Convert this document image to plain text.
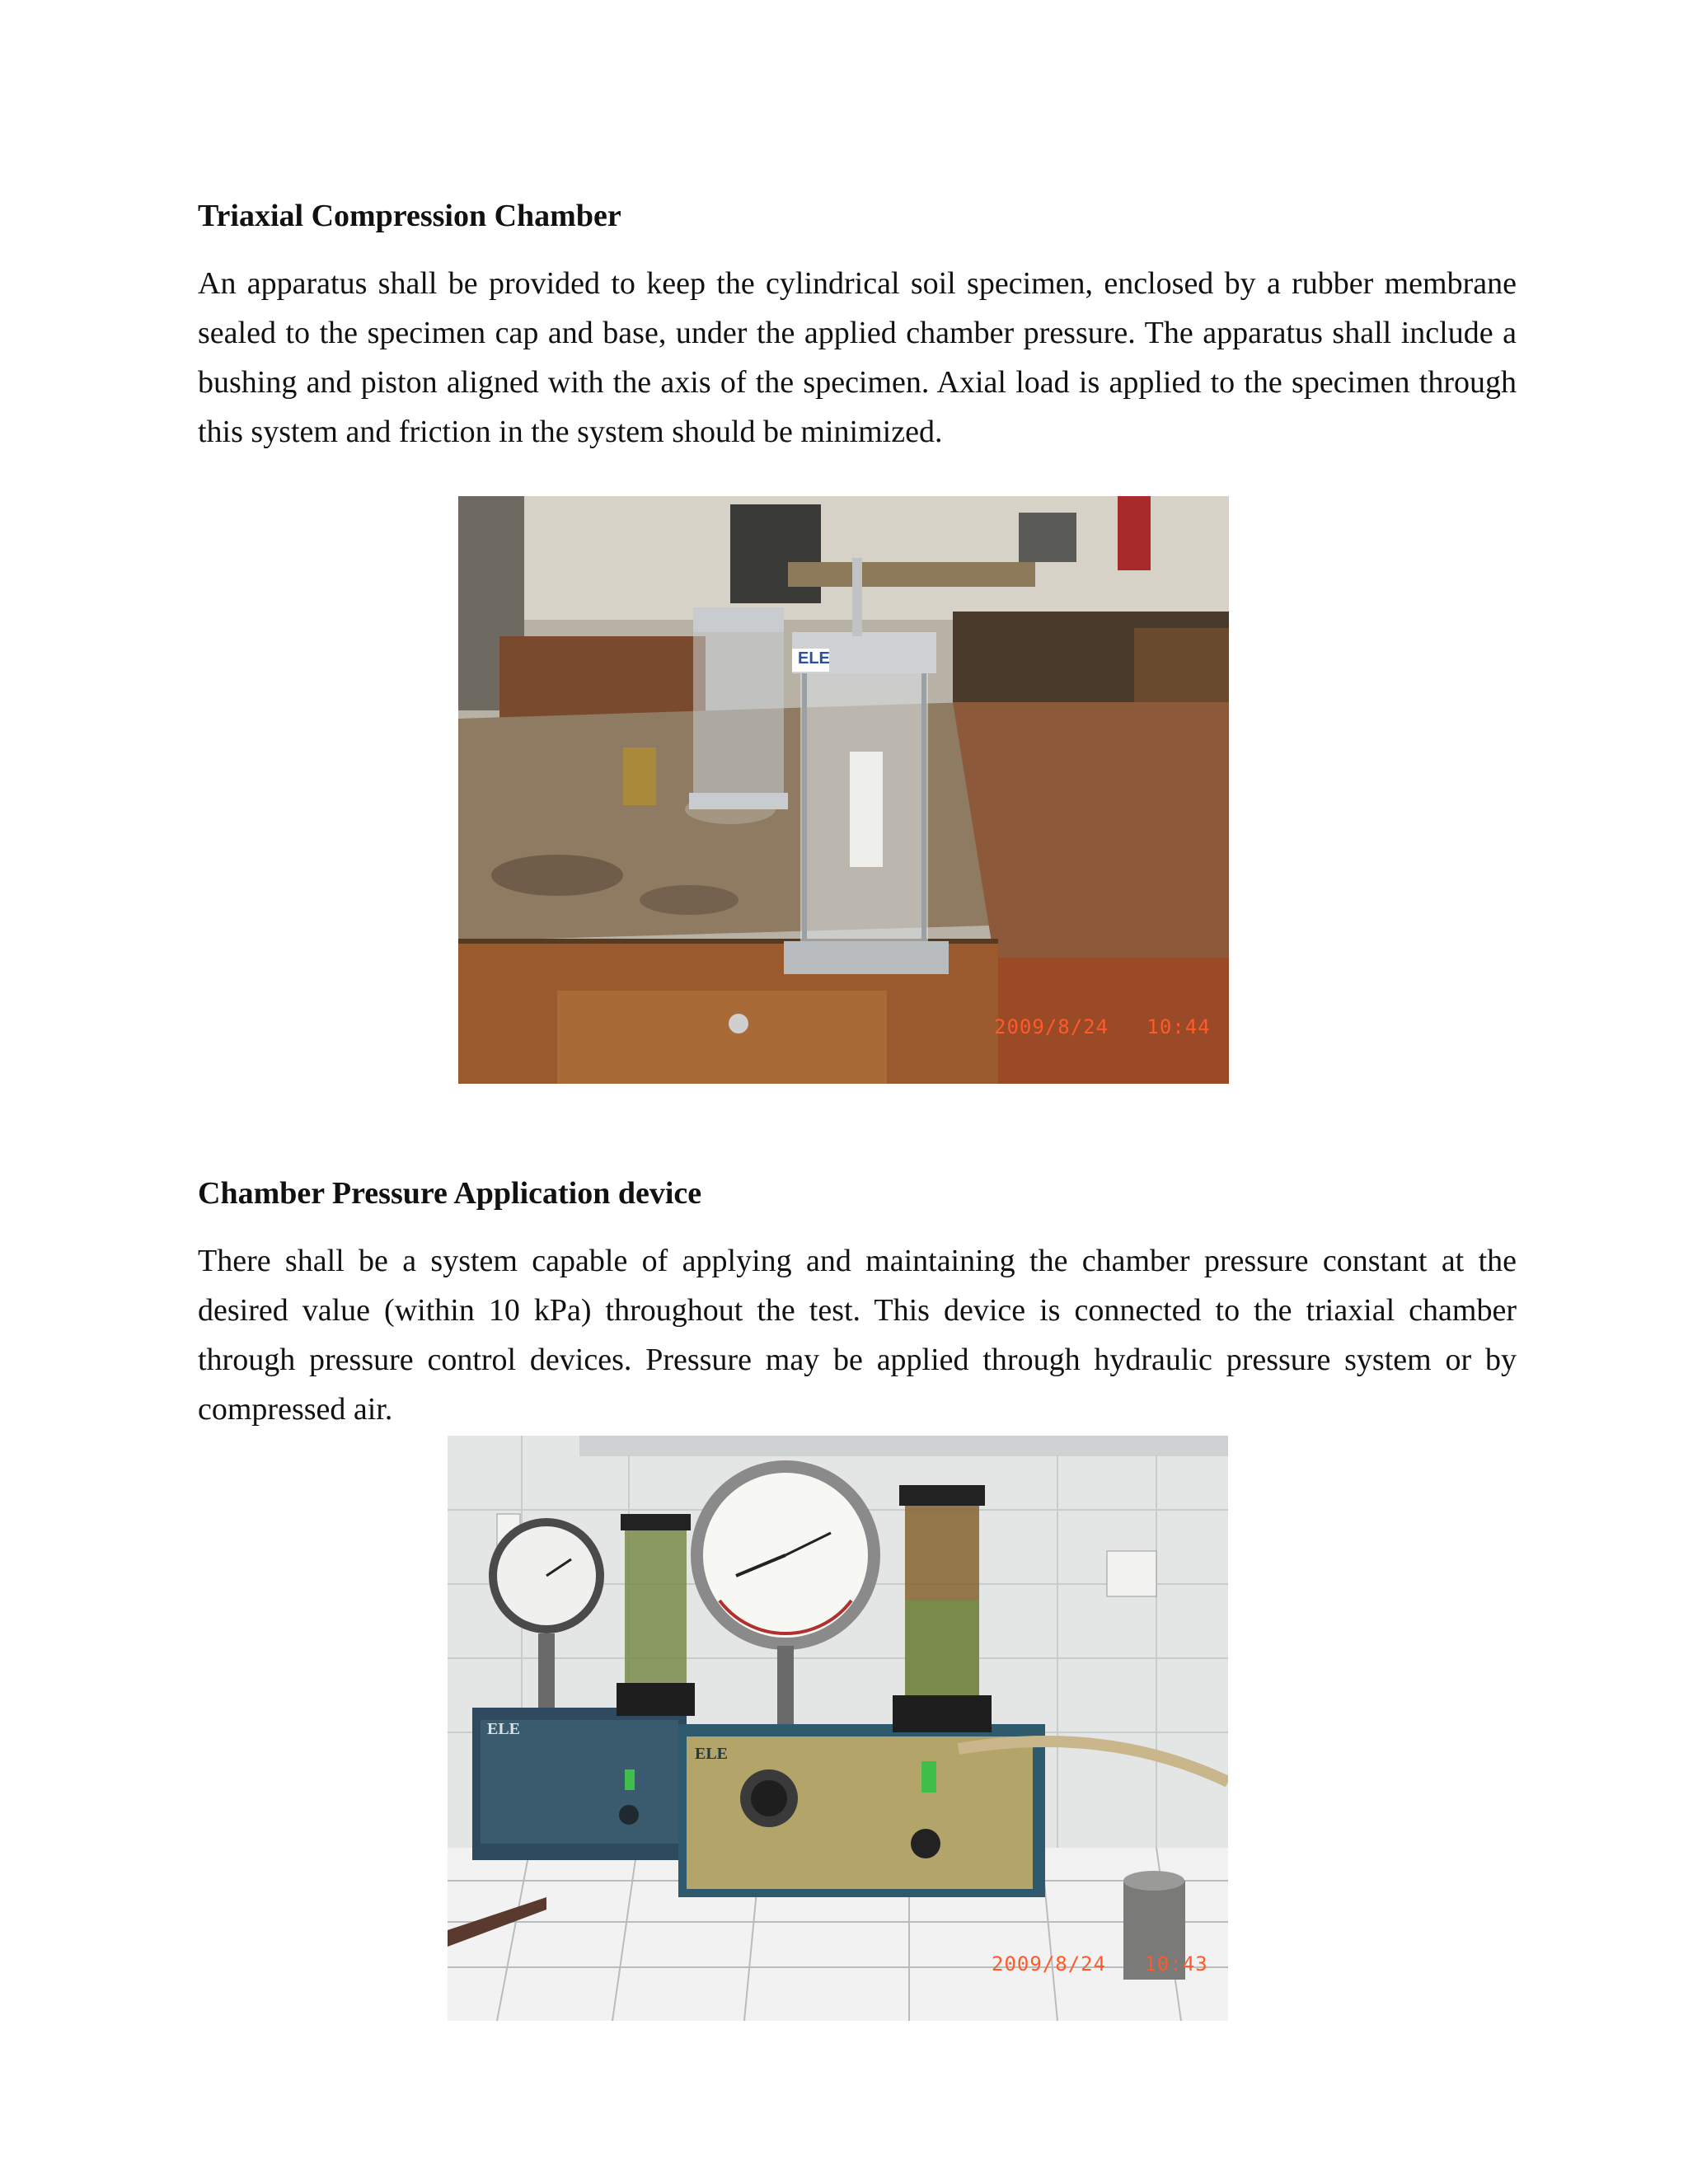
Triaxial Compression Chamber

An apparatus shall be provided to keep the cylindrical soil specimen, enclosed by a rubber membrane sealed to the specimen cap and base, under the applied chamber pressure. The apparatus shall include a bushing and piston aligned with the axis of the specimen. Axial load is applied to the specimen through this system and friction in the system should be minimized.

ELE
2009/8/24   10:44
Chamber Pressure Application device

There shall be a system capable of applying and maintaining the chamber pressure constant at the desired value (within 10 kPa) throughout the test. This device is connected to the triaxial chamber through pressure control devices. Pressure may be applied through hydraulic pressure system or by compressed air.

ELE
ELE
2009/8/24   10:43
